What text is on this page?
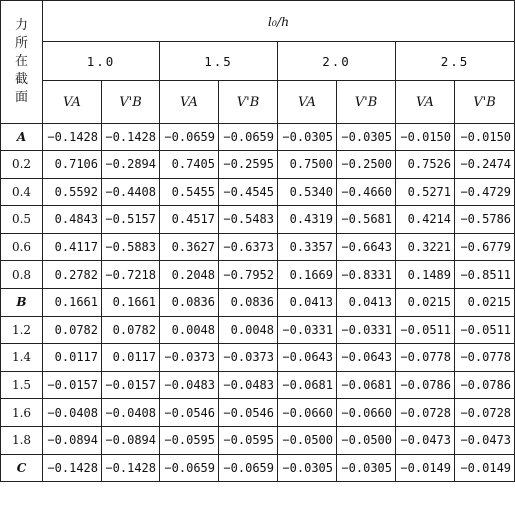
力
所
在
截
面	l₀/h							
	1.0		1.5		2.0		2.5	
	VA	V'B	VA	V'B	VA	V'B	VA	V'B
A	−0.1428	−0.1428	−0.0659	−0.0659	−0.0305	−0.0305	−0.0150	−0.0150
0.2	0.7106	−0.2894	0.7405	−0.2595	0.7500	−0.2500	0.7526	−0.2474
0.4	0.5592	−0.4408	0.5455	−0.4545	0.5340	−0.4660	0.5271	−0.4729
0.5	0.4843	−0.5157	0.4517	−0.5483	0.4319	−0.5681	0.4214	−0.5786
0.6	0.4117	−0.5883	0.3627	−0.6373	0.3357	−0.6643	0.3221	−0.6779
0.8	0.2782	−0.7218	0.2048	−0.7952	0.1669	−0.8331	0.1489	−0.8511
B	0.1661	0.1661	0.0836	0.0836	0.0413	0.0413	0.0215	0.0215
1.2	0.0782	0.0782	0.0048	0.0048	−0.0331	−0.0331	−0.0511	−0.0511
1.4	0.0117	0.0117	−0.0373	−0.0373	−0.0643	−0.0643	−0.0778	−0.0778
1.5	−0.0157	−0.0157	−0.0483	−0.0483	−0.0681	−0.0681	−0.0786	−0.0786
1.6	−0.0408	−0.0408	−0.0546	−0.0546	−0.0660	−0.0660	−0.0728	−0.0728
1.8	−0.0894	−0.0894	−0.0595	−0.0595	−0.0500	−0.0500	−0.0473	−0.0473
C	−0.1428	−0.1428	−0.0659	−0.0659	−0.0305	−0.0305	−0.0149	−0.0149
